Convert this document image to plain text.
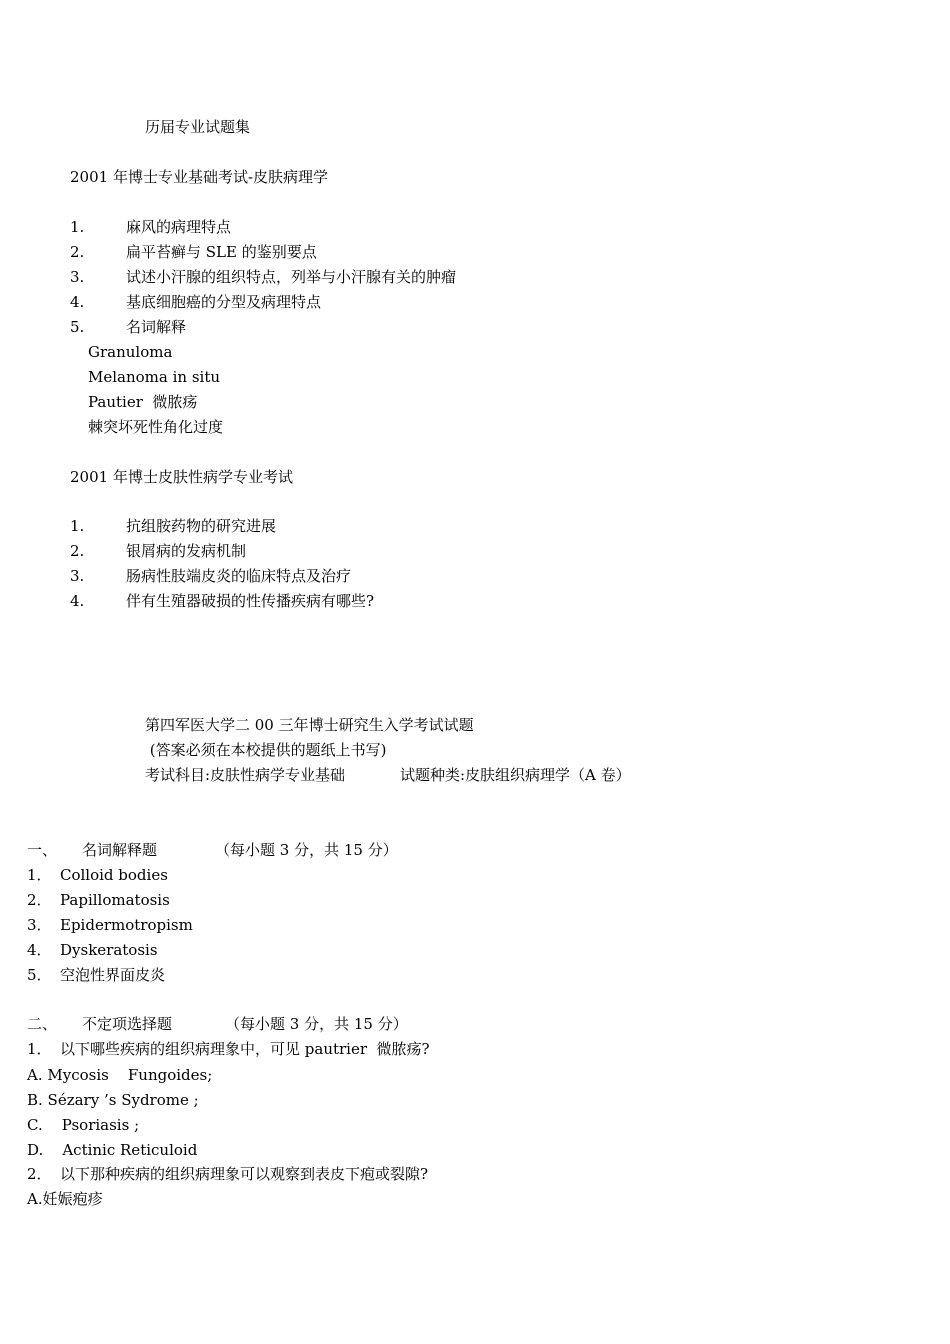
历届专业试题集
2001 年博士专业基础考试-皮肤病理学
1.	麻风的病理特点
2.	扁平苔癣与 SLE 的鉴别要点
3.	试述小汗腺的组织特点，列举与小汗腺有关的肿瘤
4.	基底细胞癌的分型及病理特点
5.	名词解释
Granuloma
Melanoma in situ
Pautier  微脓疡
棘突坏死性角化过度
2001 年博士皮肤性病学专业考试
1.	抗组胺药物的研究进展
2.	银屑病的发病机制
3.	肠病性肢端皮炎的临床特点及治疗
4.	伴有生殖器破损的性传播疾病有哪些?
第四军医大学二 00 三年博士研究生入学考试试题
(答案必须在本校提供的题纸上书写)
考试科目:皮肤性病学专业基础	试题种类:皮肤组织病理学（A 卷）
一、 名词解释题	（每小题 3 分，共 15 分）
1． Colloid bodies
2． Papillomatosis
3． Epidermotropism
4． Dyskeratosis
5． 空泡性界面皮炎
二、 不定项选择题	（每小题 3 分，共 15 分）
1． 以下哪些疾病的组织病理象中，可见 pautrier  微脓疡?
A. Mycosis    Fungoides;
B. Sézary ’s Sydrome ;
C.    Psoriasis ;
D.    Actinic Reticuloid
2． 以下那种疾病的组织病理象可以观察到表皮下疱或裂隙?
A.妊娠疱疹
